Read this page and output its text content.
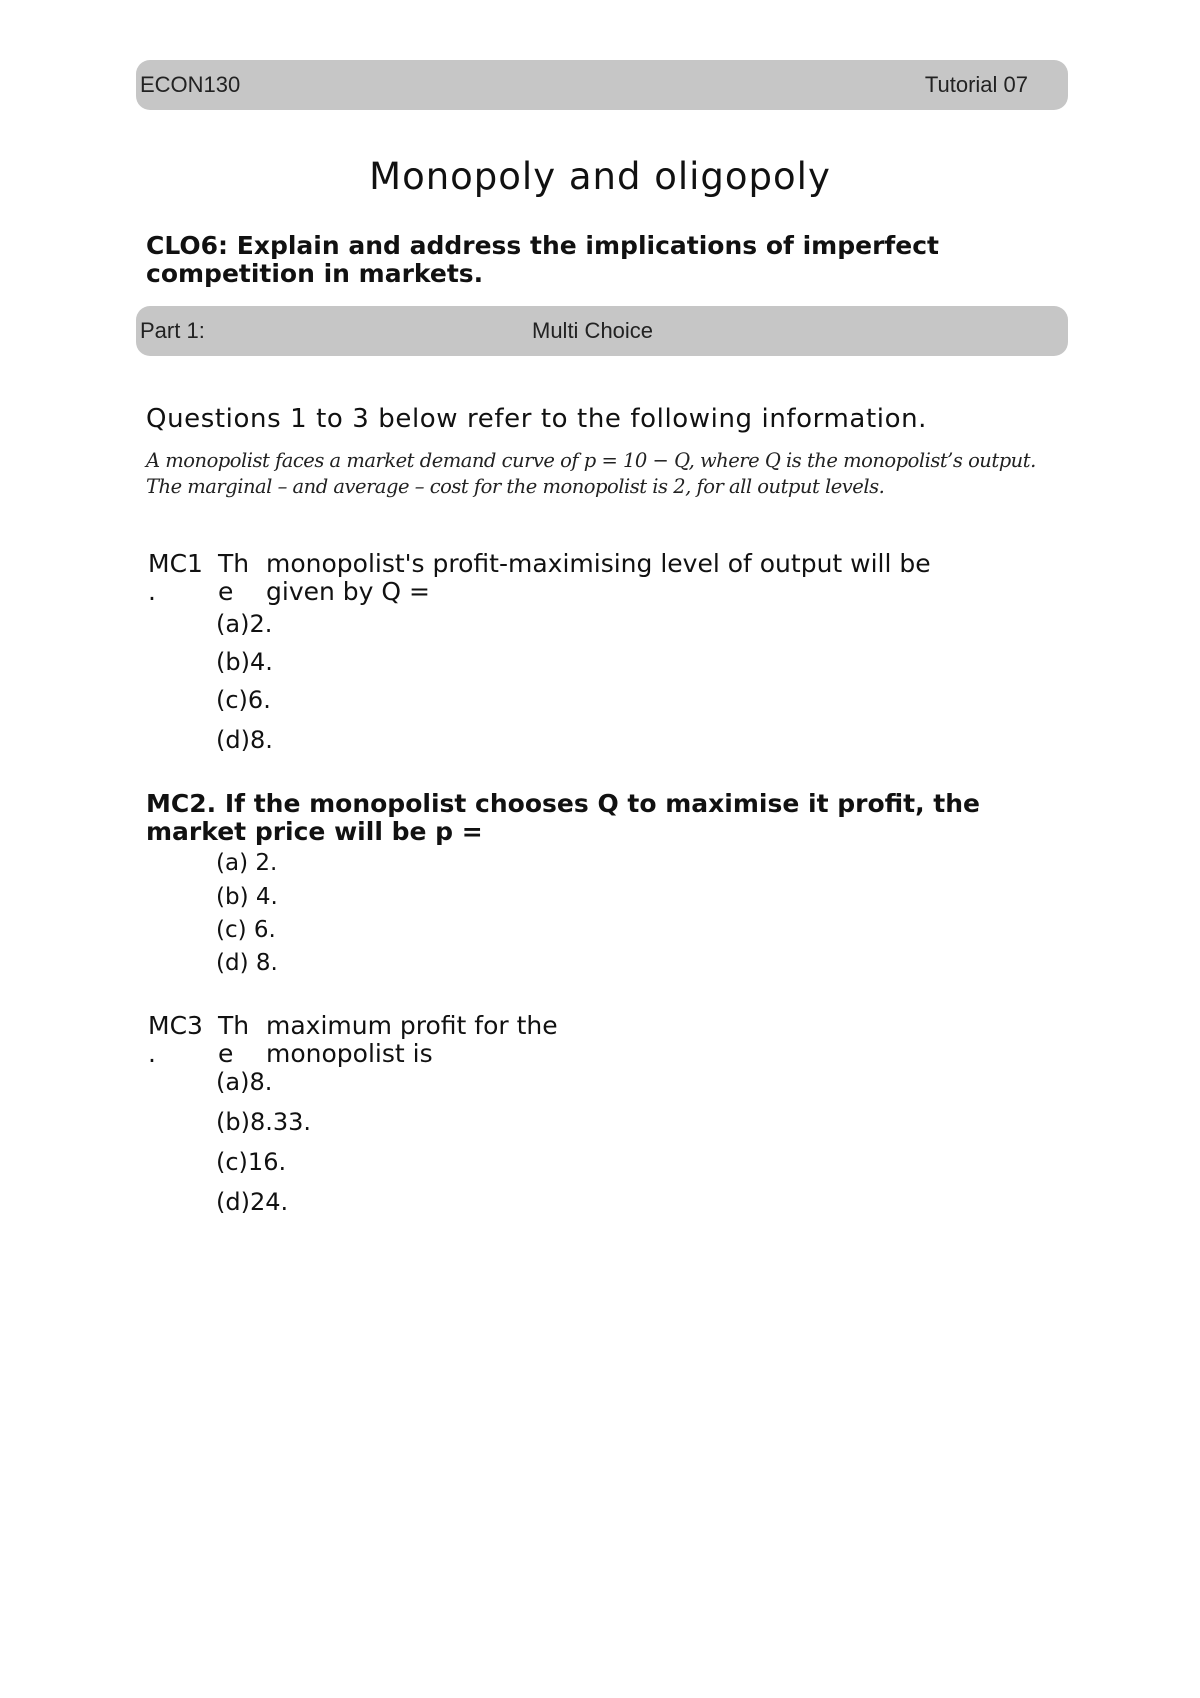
ECON130	Tutorial 07
Monopoly and oligopoly
CLO6: Explain and address the implications of imperfect competition in markets.
Part 1:	Multi Choice
Questions 1 to 3 below refer to the following information.
A monopolist faces a market demand curve of p = 10 − Q, where Q is the monopolist’s output. The marginal – and average – cost for the monopolist is 2, for all output levels.
MC1
.
Th
e
monopolist's profit-maximising level of output will be
given by Q =
(a)2.
(b)4.
(c)6.
(d)8.
MC2. If the monopolist chooses Q to maximise it profit, the market price will be p =
(a) 2.
(b) 4.
(c) 6.
(d) 8.
MC3
.
Th
e
maximum profit for the
monopolist is
(a)8.
(b)8.33.
(c)16.
(d)24.
